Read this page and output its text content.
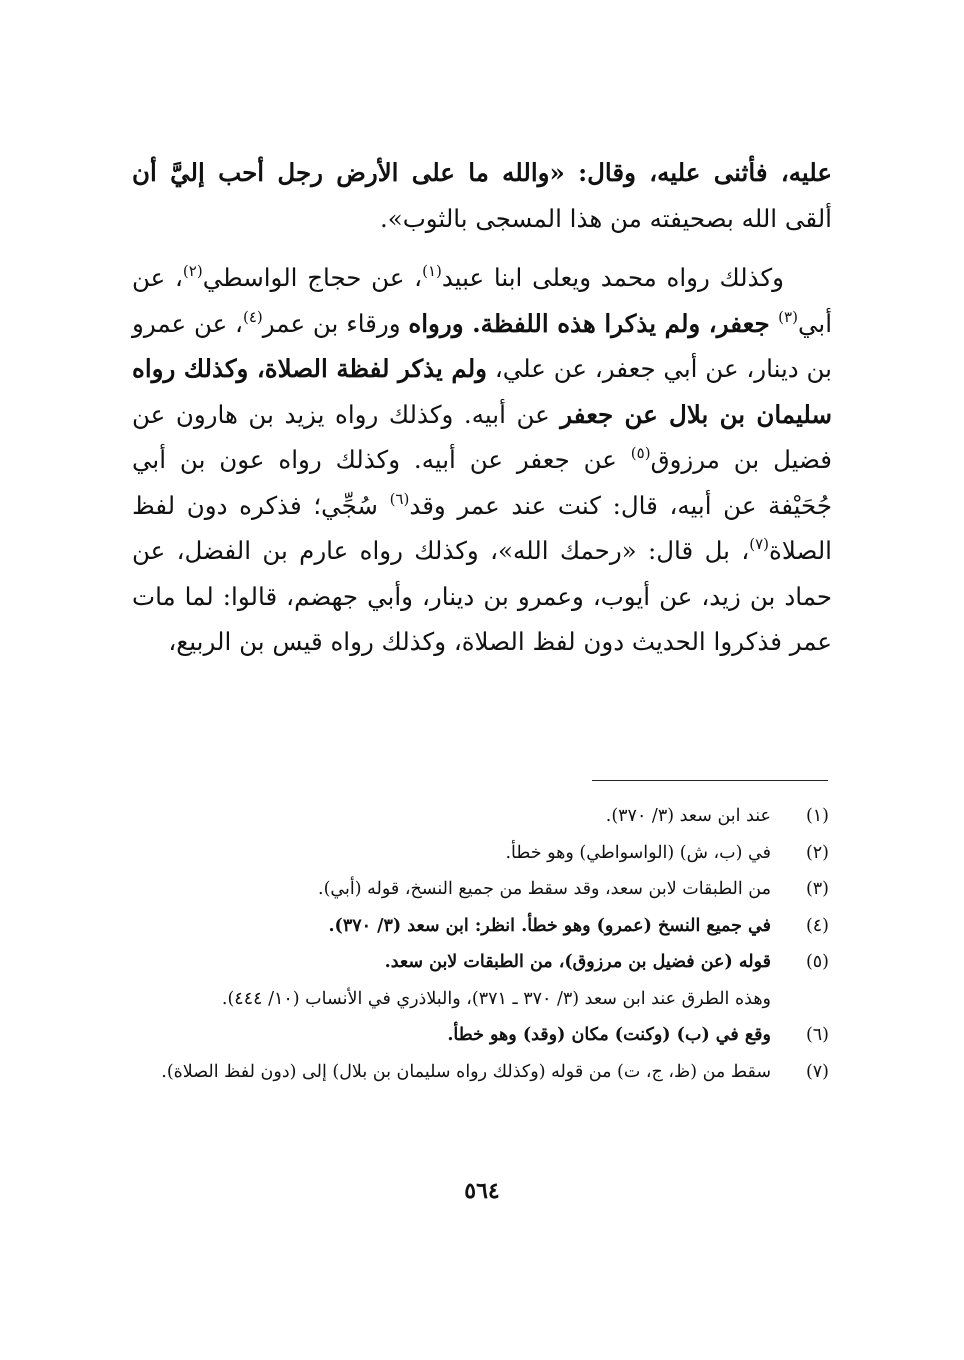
عليه، فأثنى عليه، وقال: «والله ما على الأرض رجل أحب إليَّ أن ألقى الله بصحيفته من هذا المسجى بالثوب».

وكذلك رواه محمد ويعلى ابنا عبيد$^{(١)}$، عن حجاج الواسطي$^{(٢)}$، عن أبي$^{(٣)}$ جعفر، ولم يذكرا هذه اللفظة. ورواه ورقاء بن عمر$^{(٤)}$، عن عمرو بن دينار، عن أبي جعفر، عن علي، ولم يذكر لفظة الصلاة، وكذلك رواه سليمان بن بلال عن جعفر عن أبيه. وكذلك رواه يزيد بن هارون عن فضيل بن مرزوق$^{(٥)}$ عن جعفر عن أبيه. وكذلك رواه عون بن أبي جُحَيْفة عن أبيه، قال: كنت عند عمر وقد$^{(٦)}$ سُجِّي؛ فذكره دون لفظ الصلاة$^{(٧)}$، بل قال: «رحمك الله»، وكذلك رواه عارم بن الفضل، عن حماد بن زيد، عن أيوب، وعمرو بن دينار، وأبي جهضم، قالوا: لما مات عمر فذكروا الحديث دون لفظ الصلاة، وكذلك رواه قيس بن الربيع،

(١)
عند ابن سعد (٣/ ٣٧٠).
(٢)
في (ب، ش) (الواسواطي) وهو خطأ.
(٣)
من الطبقات لابن سعد، وقد سقط من جميع النسخ، قوله (أبي).
(٤)
في جميع النسخ (عمرو) وهو خطأ. انظر: ابن سعد (٣/ ٣٧٠).
(٥)
قوله (عن فضيل بن مرزوق)، من الطبقات لابن سعد.

وهذه الطرق عند ابن سعد (٣/ ٣٧٠ ـ ٣٧١)، والبلاذري في الأنساب (١٠/ ٤٤٤).

(٦)
وقع في (ب) (وكنت) مكان (وقد) وهو خطأ.
(٧)
سقط من (ظ، ج، ت) من قوله (وكذلك رواه سليمان بن بلال) إلى (دون لفظ الصلاة).
٥٦٤
